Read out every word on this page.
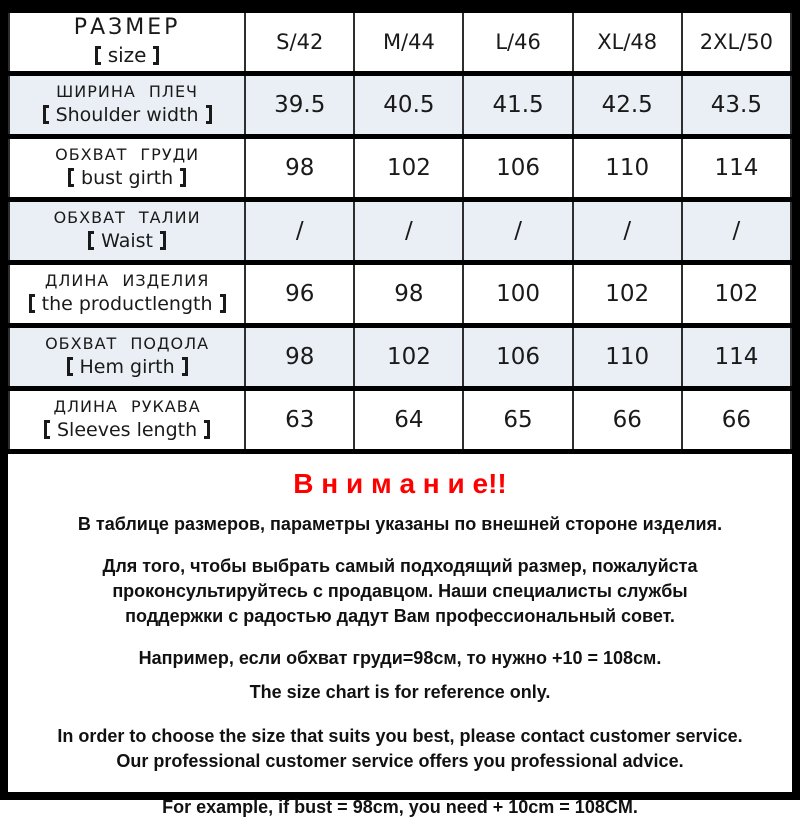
РАЗМЕР
size	S/42	M/44	L/46	XL/48	2XL/50

ШИРИНА ПЛЕЧ
Shoulder width	39.5	40.5	41.5	42.5	43.5

ОБХВАТ ГРУДИ
bust girth	98	102	106	110	114

ОБХВАТ ТАЛИИ
Waist	/	/	/	/	/

ДЛИНА ИЗДЕЛИЯ
the productlength	96	98	100	102	102

ОБХВАТ ПОДОЛА
Hem girth	98	102	106	110	114

ДЛИНА РУКАВА
Sleeves length	63	64	65	66	66
В н и м а н и е!!

В таблице размеров, параметры указаны по внешней стороне изделия.

Для того, чтобы выбрать самый подходящий размер, пожалуйста проконсультируйтесь с продавцом. Наши специалисты службы поддержки с радостью дадут Вам профессиональный совет.

Например, если обхват груди=98см, то нужно +10 = 108см.

The size chart is for reference only.

In order to choose the size that suits you best, please contact customer service. Our professional customer service offers you professional advice.

For example, if bust = 98cm, you need + 10cm = 108CM.
